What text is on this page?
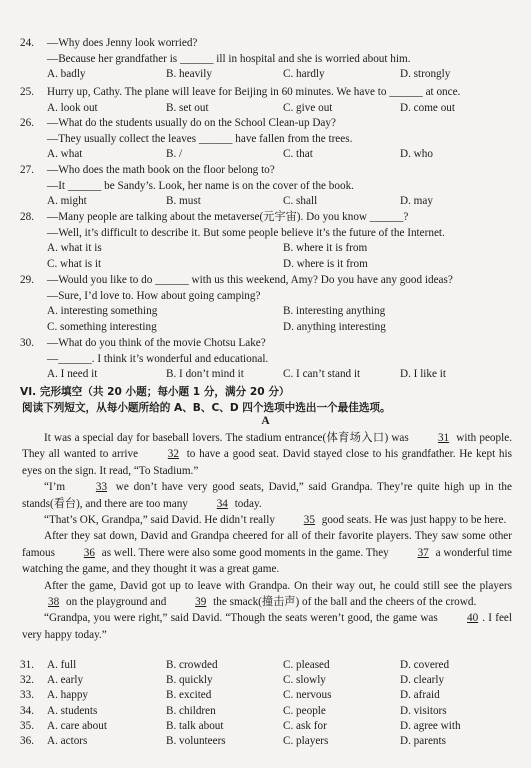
24.	—Why does Jenny look worried?
—Because her grandfather is ______ ill in hospital and she is worried about him.
A. badly	B. heavily	C. hardly	D. strongly
25.	Hurry up, Cathy. The plane will leave for Beijing in 60 minutes. We have to ______ at once.
A. look out	B. set out	C. give out	D. come out
26.	—What do the students usually do on the School Clean-up Day?
—They usually collect the leaves ______ have fallen from the trees.
A. what	B. /	C. that	D. who
27.	—Who does the math book on the floor belong to?
—It ______ be Sandy’s. Look, her name is on the cover of the book.
A. might	B. must	C. shall	D. may
28.	—Many people are talking about the metaverse(元宇宙). Do you know ______?
—Well, it’s difficult to describe it. But some people believe it’s the future of the Internet.
A. what it is	B. where it is from
C. what is it	D. where is it from
29.	—Would you like to do ______ with us this weekend, Amy? Do you have any good ideas?
—Sure, I’d love to. How about going camping?
A. interesting something	B. interesting anything
C. something interesting	D. anything interesting
30.	—What do you think of the movie Chotsu Lake?
—______. I think it’s wonderful and educational.
A. I need it	B. I don’t mind it	C. I can’t stand it	D. I like it
VI. 完形填空（共 20 小题；每小题 1 分，满分 20 分）
阅读下列短文，从每小题所给的 A、B、C、D 四个选项中选出一个最佳选项。
A

It was a special day for baseball lovers. The stadium entrance(体育场入口) was 31 with people. They all wanted to arrive 32 to have a good seat. David stayed close to his grandfather. He kept his eyes on the sign. It read, “To Stadium.”

“I’m 33 we don’t have very good seats, David,” said Grandpa. They’re quite high up in the stands(看台), and there are too many 34 today.

“That’s OK, Grandpa,” said David. He didn’t really 35 good seats. He was just happy to be here.

After they sat down, David and Grandpa cheered for all of their favorite players. They saw some other famous 36 as well. There were also some good moments in the game. They 37 a wonderful time watching the game, and they thought it was a great game.

After the game, David got up to leave with Grandpa. On their way out, he could still see the players 38 on the playground and 39 the smack(撞击声) of the ball and the cheers of the crowd.

“Grandpa, you were right,” said David. “Though the seats weren’t good, the game was 40 . I feel very happy today.”

31.	A. full	B. crowded	C. pleased	D. covered
32.	A. early	B. quickly	C. slowly	D. clearly
33.	A. happy	B. excited	C. nervous	D. afraid
34.	A. students	B. children	C. people	D. visitors
35.	A. care about	B. talk about	C. ask for	D. agree with
36.	A. actors	B. volunteers	C. players	D. parents
